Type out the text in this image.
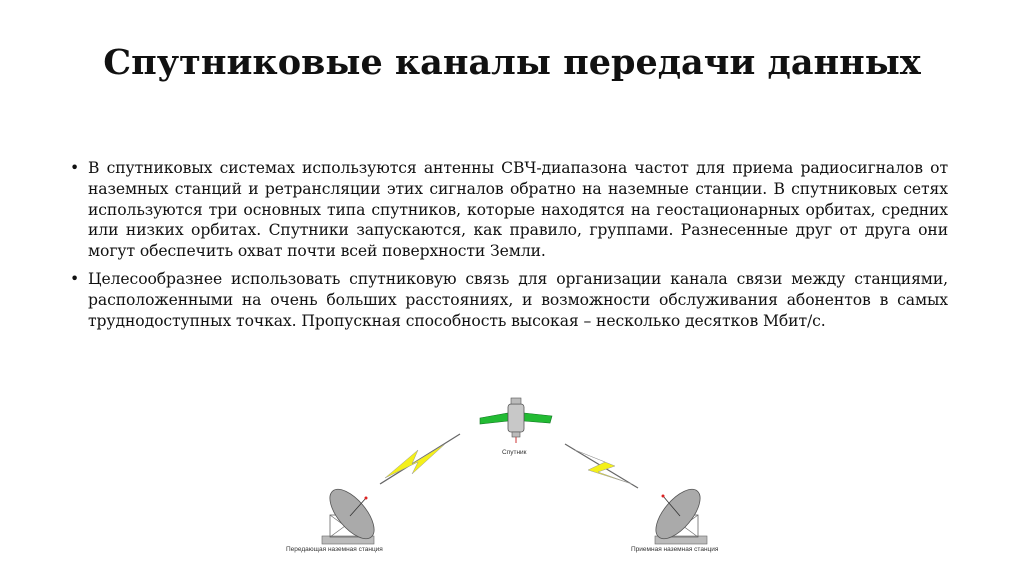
Спутниковые каналы передачи данных
• В спутниковых системах используются антенны СВЧ-диапазона частот для приема радиосигналов от наземных станций и ретрансляции этих сигналов обратно на наземные станции. В спутниковых сетях используются три основных типа спутников, которые находятся на геостационарных орбитах, средних или низких орбитах. Спутники запускаются, как правило, группами. Разнесенные друг от друга они могут обеспечить охват почти всей поверхности Земли.
• Целесообразнее использовать спутниковую связь для организации канала связи между станциями, расположенными на очень больших расстояниях, и возможности обслуживания абонентов в самых труднодоступных точках. Пропускная способность высокая – несколько десятков Мбит/с.
Спутник
Передающая наземная станция	Приемная наземная станция
